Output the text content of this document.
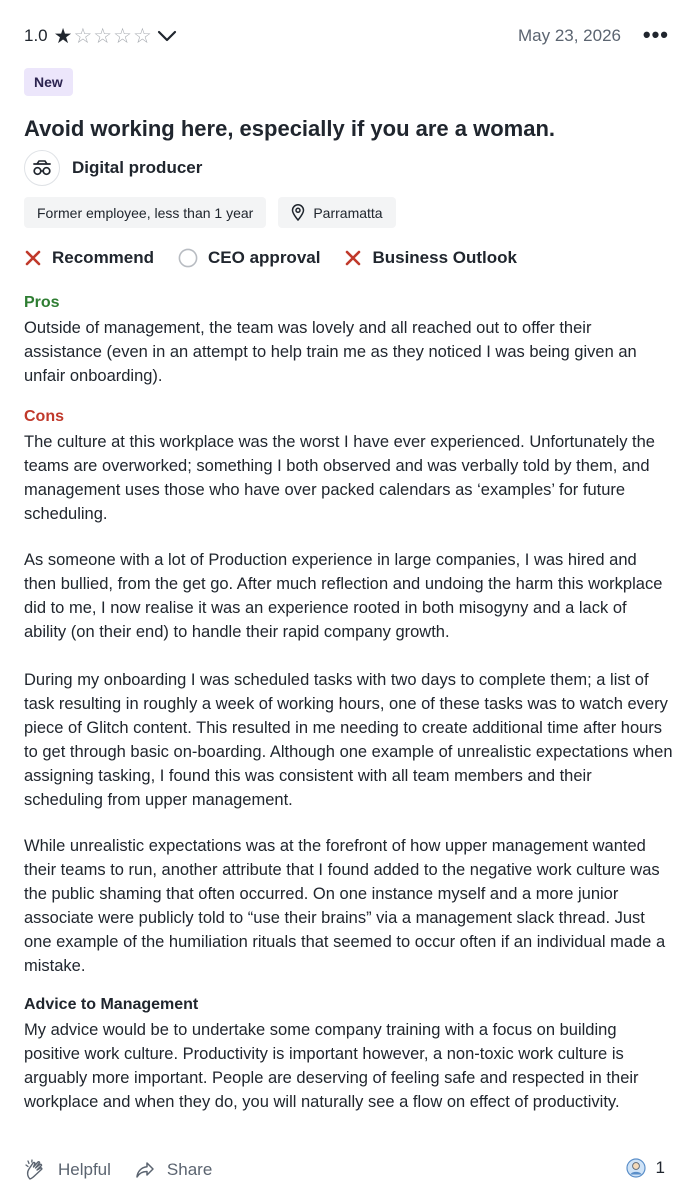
1.0 ★ ☆ ☆ ☆ ☆	May 23, 2026 •••
New
Avoid working here, especially if you are a woman.
Digital producer
Former employee, less than 1 year	Parramatta
Recommend	CEO approval	Business Outlook
Pros

Outside of management, the team was lovely and all reached out to offer their assistance (even in an attempt to help train me as they noticed I was being given an unfair onboarding).

Cons

The culture at this workplace was the worst I have ever experienced. Unfortunately the teams are overworked; something I both observed and was verbally told by them, and management uses those who have over packed calendars as ‘examples’ for future scheduling.

As someone with a lot of Production experience in large companies, I was hired and then bullied, from the get go. After much reflection and undoing the harm this workplace did to me, I now realise it was an experience rooted in both misogyny and a lack of ability (on their end) to handle their rapid company growth.

During my onboarding I was scheduled tasks with two days to complete them; a list of task resulting in roughly a week of working hours, one of these tasks was to watch every piece of Glitch content. This resulted in me needing to create additional time after hours to get through basic on-boarding. Although one example of unrealistic expectations when assigning tasking, I found this was consistent with all team members and their scheduling from upper management.

While unrealistic expectations was at the forefront of how upper management wanted their teams to run, another attribute that I found added to the negative work culture was the public shaming that often occurred. On one instance myself and a more junior associate were publicly told to “use their brains” via a management slack thread. Just one example of the humiliation rituals that seemed to occur often if an individual made a mistake.

Advice to Management

My advice would be to undertake some company training with a focus on building positive work culture. Productivity is important however, a non-toxic work culture is arguably more important. People are deserving of feeling safe and respected in their workplace and when they do, you will naturally see a flow on effect of productivity.

Helpful	Share	1
